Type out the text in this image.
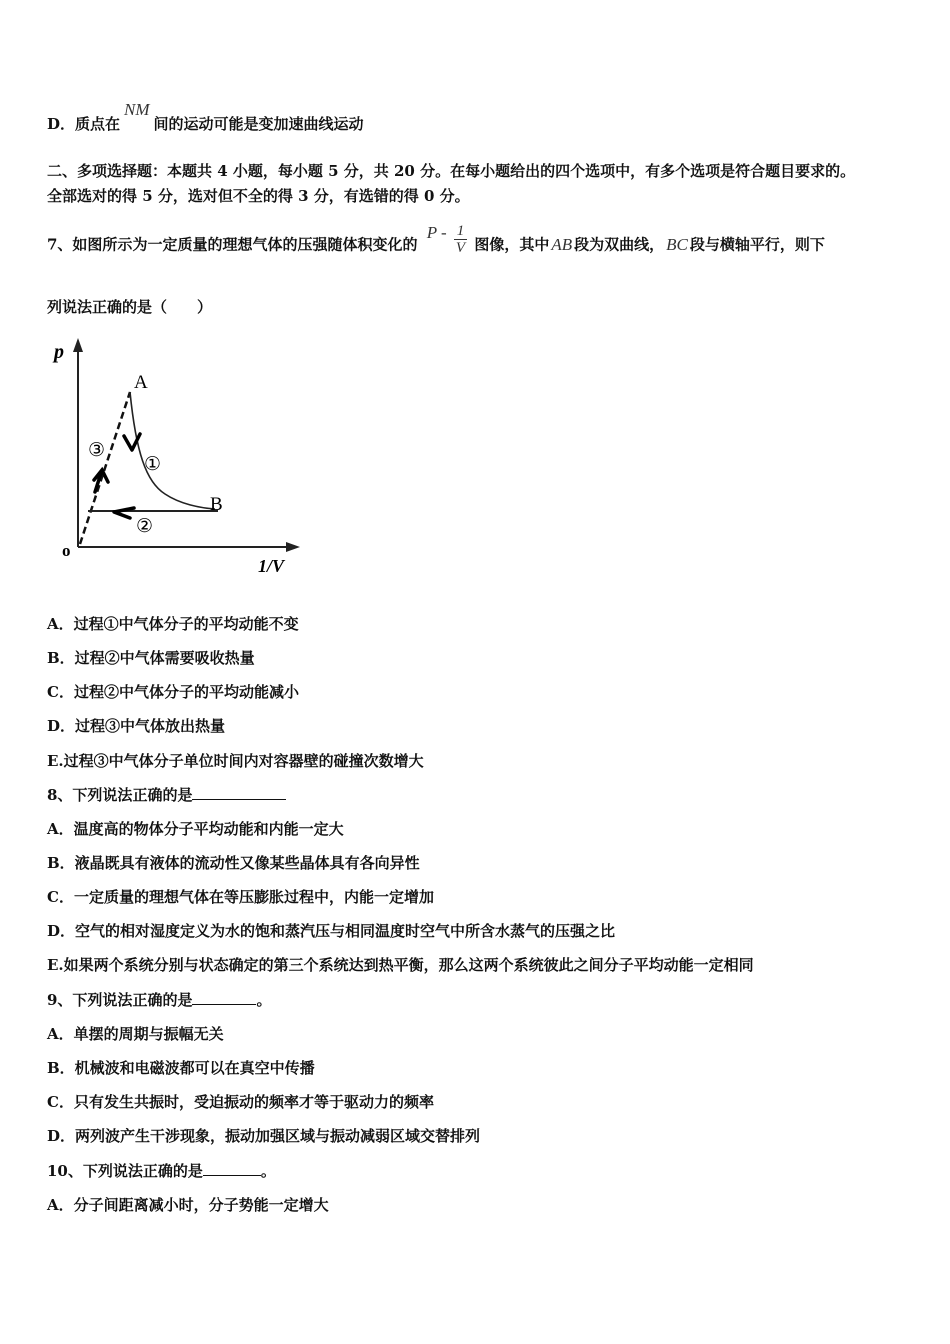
D．质点在NM间的运动可能是变加速曲线运动
二、多项选择题：本题共 4 小题，每小题 5 分，共 20 分。在每小题给出的四个选项中，有多个选项是符合题目要求的。
全部选对的得 5 分，选对但不全的得 3 分，有选错的得 0 分。
7、如图所示为一定质量的理想气体的压强随体积变化的 P - $\frac{1}{V}$ 图像，其中 AB 段为双曲线， BC 段与横轴平行，则下
列说法正确的是（　　）
p
1/V
o
A
B
①
②
③
A．过程①中气体分子的平均动能不变
B．过程②中气体需要吸收热量
C．过程②中气体分子的平均动能减小
D．过程③中气体放出热量
E.过程③中气体分子单位时间内对容器壁的碰撞次数增大
8、下列说法正确的是
A．温度高的物体分子平均动能和内能一定大
B．液晶既具有液体的流动性又像某些晶体具有各向异性
C．一定质量的理想气体在等压膨胀过程中，内能一定增加
D．空气的相对湿度定义为水的饱和蒸汽压与相同温度时空气中所含水蒸气的压强之比
E.如果两个系统分别与状态确定的第三个系统达到热平衡，那么这两个系统彼此之间分子平均动能一定相同
9、下列说法正确的是	。
A．单摆的周期与振幅无关
B．机械波和电磁波都可以在真空中传播
C．只有发生共振时，受迫振动的频率才等于驱动力的频率
D．两列波产生干涉现象，振动加强区域与振动减弱区域交替排列
10、下列说法正确的是	。
A．分子间距离减小时，分子势能一定增大
